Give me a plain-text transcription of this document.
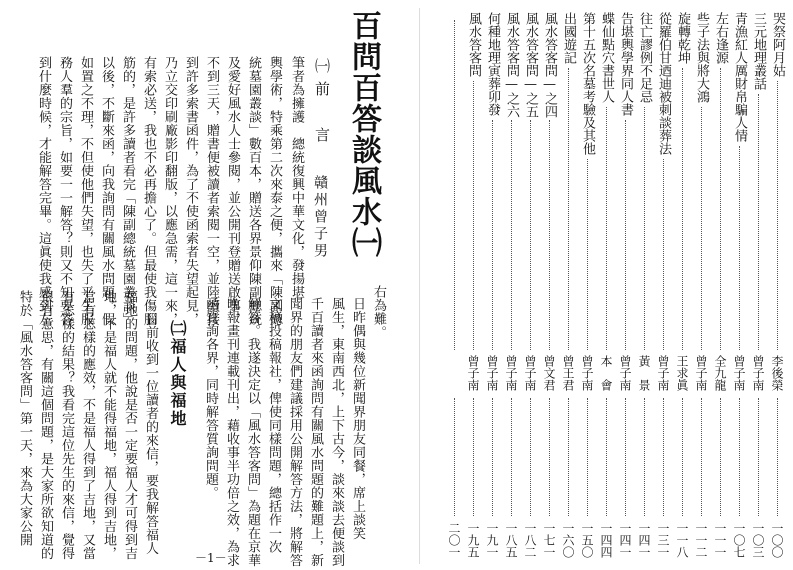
百問百答談風水㈠
贛州曾子男
㈠前　言
筆者為擁護　總統復興中華文化，發揚堪
輿學術，特乘第二次來泰之便，攜來「陳副總
統墓園叢談」數百本，贈送各界景仰陳副總統
及愛好風水人士參閱，並公開刊登贈送啟事，
不到三天，贈書便被讀者索閱一空，並陸續接
到許多索書函件，為了不使函索者失望起見，
乃立交印刷廠影印翻版，以應急需，這一來，
有索必送，我也不必再擔心了。但最使我傷腦
筋的，是許多讀者看完「陳副總統墓園叢談」
以後，不斷來函，向我詢問有關風水問題，假
如置之不理，不但使他們失望，也失了平生服
務人羣的宗旨，如要一一解答？則又不知要答
到什麼時候，才能解答完畢。這眞使我感到左	右為難。
日昨偶與幾位新聞界朋友同餐，席上談笑
風生，東南西北，上下古今，談來談去便談到
千百讀者來函詢問有關風水問題的難題上，新
聞界的朋友們建議採用公開解答方法，將解答
文稿投稿報社，俾使同樣問題，總括作一次
解答。我遂決定以「風水答客問」為題在京華
晚報畫刊連載刊出，藉收事半功倍之效，為求
函質詢各界，同時解答質詢問題。
㈡福人與福地
日前收到一位讀者的來信，要我解答福人
福地的問題，他說是否一定要福人才可得到吉
地，不是福人就不能得福地，福人得到吉地，
當有怎樣的應效，不是福人得到了吉地，又當
有怎樣的結果？我看完這位先生的來信，覺得
很有意思，有關這個問題，是大家所欲知道的
特於「風水答客問」第一天，來為大家公開
－1－
哭祭阿月姑
李後榮
一〇〇
三元地理叢話
曾子南
一〇三
青漁紅人厲財帛騙人情
曾子南
一〇七
左右逢源
全九龍
一一一
些子法與將大鴻
曾子南
一一二
旋轉乾坤
王求眞
一一八
從羅伯甘迺迪被刺談葬法
曾子南
一三一
往亡謬例不足忌
黃　景
一四一
告堪輿學界同人書
曾子南
一四一
蝶仙點穴書世人
本　會
一四四
第十五次名墓考驗及其他
曾子南
一五〇
出國遊記
曾王君
一六〇
風水答客問—之四
曾文君
一七一
風水答客問—之五
曾子南
一八二
風水答客問—之六
曾子南
一八五
何種地理寅葬卯發
曾子南
一九一
風水答客問
曾子南
一九五
二〇一
